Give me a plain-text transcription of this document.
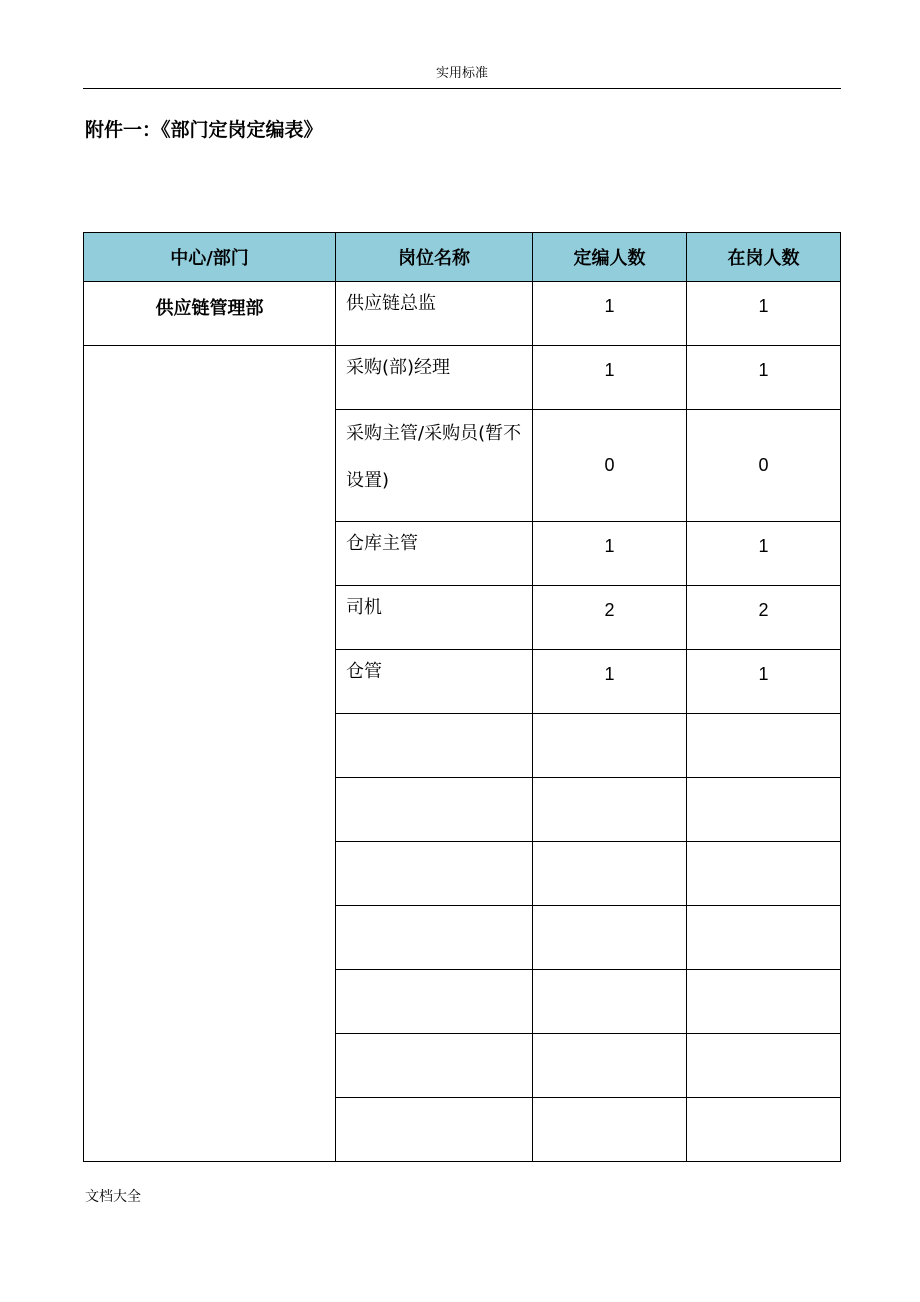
实用标准
附件一：《部门定岗定编表》
中心/部门	岗位名称	定编人数	在岗人数
供应链管理部	供应链总监	1	1
	采购(部)经理	1	1
	采购主管/采购员(暂不设置)	0	0
	仓库主管	1	1
	司机	2	2
	仓管	1	1

文档大全
